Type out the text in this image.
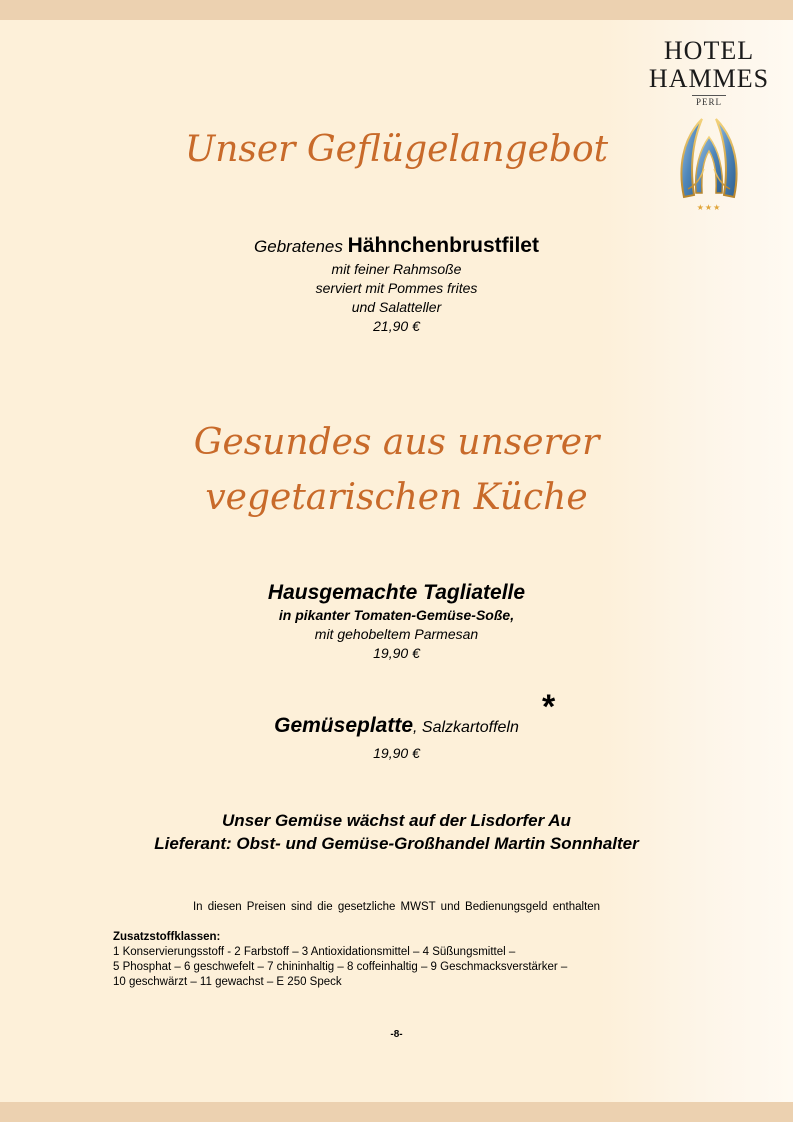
HOTEL
HAMMES
PERL
★★★
Unser Geflügelangebot
Gebratenes Hähnchenbrustfilet
mit feiner Rahmsoße
serviert mit Pommes frites
und Salatteller
21,90 €
Gesundes aus unserer
vegetarischen Küche
Hausgemachte Tagliatelle
in pikanter Tomaten-Gemüse-Soße,
mit gehobeltem Parmesan
19,90 €
Gemüseplatte, Salzkartoffeln
19,90 €
*
Unser Gemüse wächst auf der Lisdorfer Au
Lieferant: Obst- und Gemüse-Großhandel Martin Sonnhalter
In diesen Preisen sind die gesetzliche MWST und Bedienungsgeld enthalten
Zusatzstoffklassen:
1 Konservierungsstoff - 2 Farbstoff – 3 Antioxidationsmittel – 4 Süßungsmittel –
5 Phosphat – 6 geschwefelt – 7 chininhaltig – 8 coffeinhaltig – 9 Geschmacksverstärker –
10 geschwärzt – 11 gewachst – E 250 Speck
-8-
